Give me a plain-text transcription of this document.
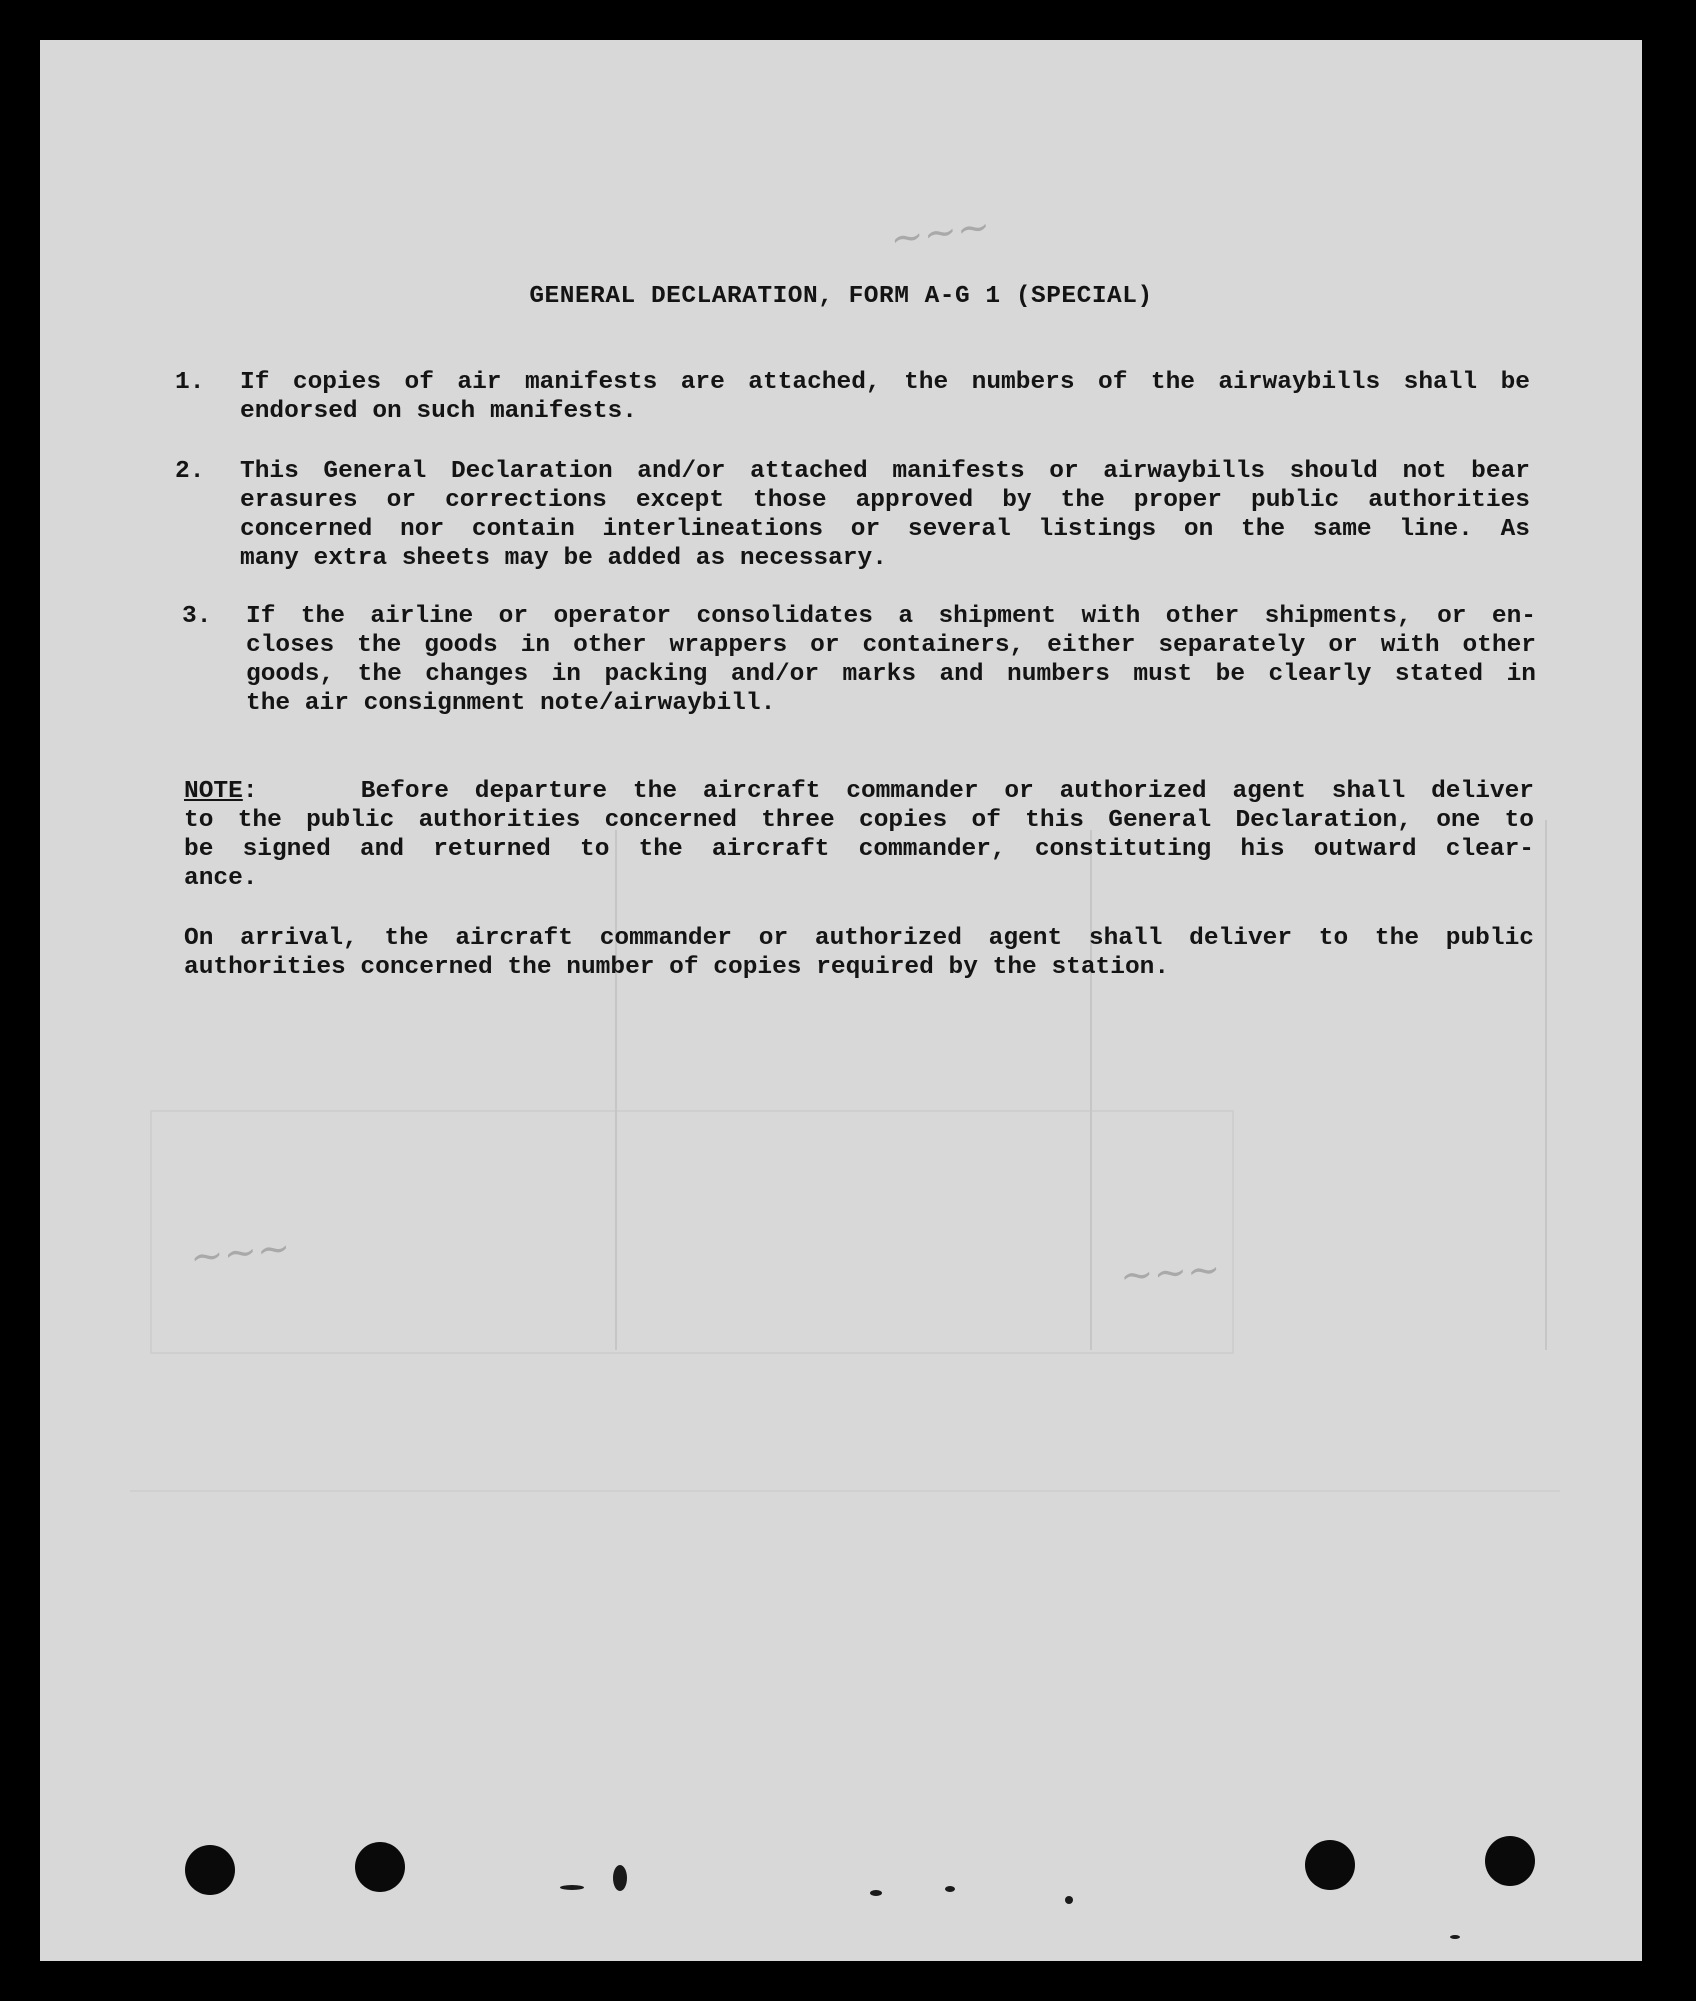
~~~
~~~	~~~
GENERAL DECLARATION, FORM A-G 1 (SPECIAL)
1. If copies of air manifests are attached, the numbers of the airwaybills shall be
endorsed on such manifests.
2. This General Declaration and/or attached manifests or airwaybills should not bear
erasures or corrections except those approved by the proper public authorities
concerned nor contain interlineations or several listings on the same line. As
many extra sheets may be added as necessary.
3. If the airline or operator consolidates a shipment with other shipments, or en-
closes the goods in other wrappers or containers, either separately or with other
goods, the changes in packing and/or marks and numbers must be clearly stated in
the air consignment note/airwaybill.
NOTE:	Before departure the aircraft commander or authorized agent shall deliver
to the public authorities concerned three copies of this General Declaration, one to
be signed and returned to the aircraft commander, constituting his outward clear-
ance.
On arrival, the aircraft commander or authorized agent shall deliver to the public
authorities concerned the number of copies required by the station.
